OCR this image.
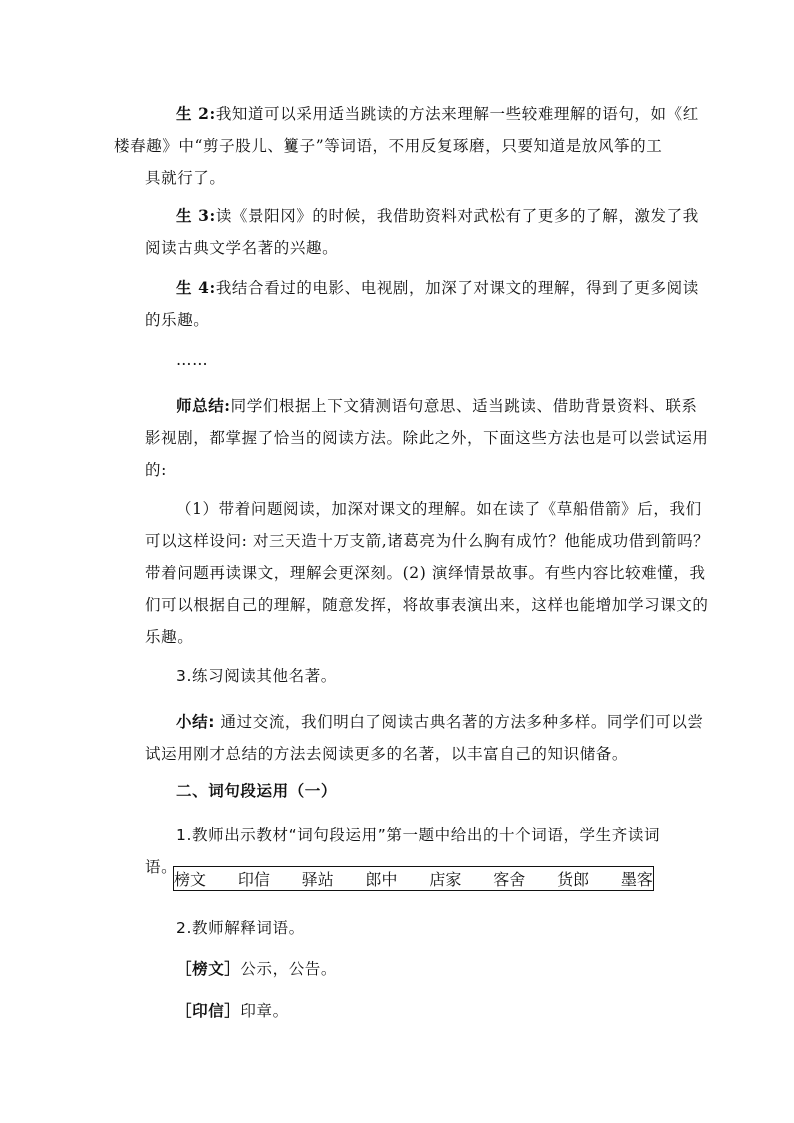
生 2:我知道可以采用适当跳读的方法来理解一些较难理解的语句，如《红
楼春趣》中“剪子股儿、籰子”等词语，不用反复琢磨，只要知道是放风筝的工
具就行了。

生 3:读《景阳冈》的时候，我借助资料对武松有了更多的了解，激发了我
阅读古典文学名著的兴趣。

生 4:我结合看过的电影、电视剧，加深了对课文的理解，得到了更多阅读
的乐趣。

……

师总结:同学们根据上下文猜测语句意思、适当跳读、借助背景资料、联系
影视剧，都掌握了恰当的阅读方法。除此之外，下面这些方法也是可以尝试运用
的:

（1）带着问题阅读，加深对课文的理解。如在读了《草船借箭》后，我们
可以这样设问: 对三天造十万支箭,诸葛亮为什么胸有成竹？他能成功借到箭吗？
带着问题再读课文，理解会更深刻。(2) 演绎情景故事。有些内容比较难懂，我
们可以根据自己的理解，随意发挥，将故事表演出来，这样也能增加学习课文的
乐趣。

3.练习阅读其他名著。

小结: 通过交流，我们明白了阅读古典名著的方法多种多样。同学们可以尝
试运用刚才总结的方法去阅读更多的名著，以丰富自己的知识储备。

二、词句段运用（一）

1.教师出示教材“词句段运用”第一题中给出的十个词语，学生齐读词语。

榜文 印信 驿站 郎中 店家 客舍 货郎 墨客

2.教师解释词语。

［榜文］公示，公告。

［印信］印章。
